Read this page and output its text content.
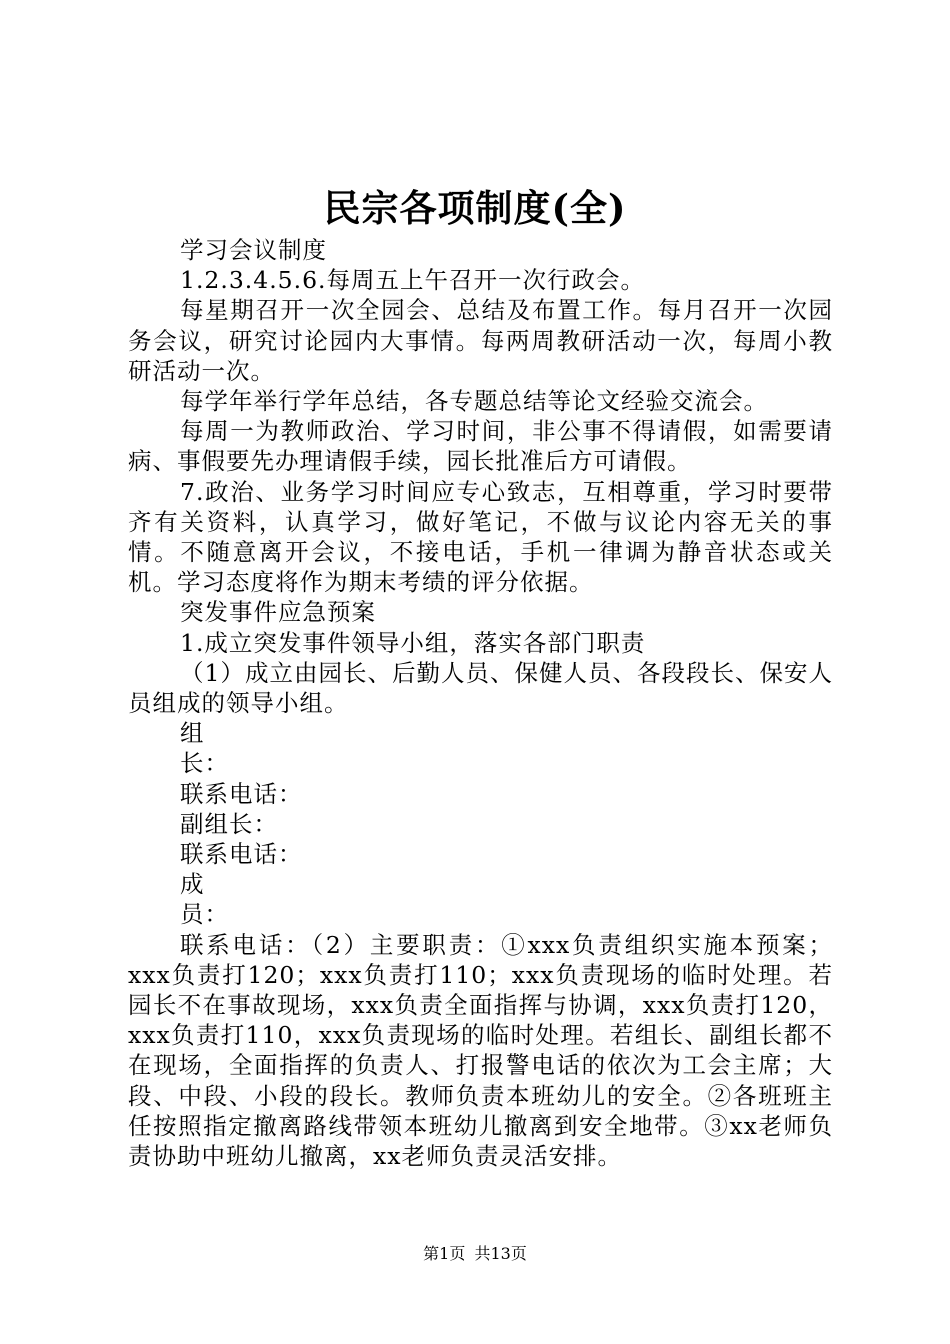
民宗各项制度(全)

学习会议制度

1.2.3.4.5.6.每周五上午召开一次行政会。

每星期召开一次全园会、总结及布置工作。每月召开一次园务会议，研究讨论园内大事情。每两周教研活动一次，每周小教研活动一次。

每学年举行学年总结，各专题总结等论文经验交流会。

每周一为教师政治、学习时间，非公事不得请假，如需要请病、事假要先办理请假手续，园长批准后方可请假。

7.政治、业务学习时间应专心致志，互相尊重，学习时要带齐有关资料，认真学习，做好笔记，不做与议论内容无关的事情。不随意离开会议，不接电话，手机一律调为静音状态或关机。学习态度将作为期末考绩的评分依据。

突发事件应急预案

1.成立突发事件领导小组，落实各部门职责

（1）成立由园长、后勤人员、保健人员、各段段长、保安人员组成的领导小组。

组

长：

联系电话：

副组长：

联系电话：

成

员：

联系电话：（2）主要职责：①xxx负责组织实施本预案；xxx负责打120；xxx负责打110；xxx负责现场的临时处理。若园长不在事故现场，xxx负责全面指挥与协调，xxx负责打120，xxx负责打110，xxx负责现场的临时处理。若组长、副组长都不在现场，全面指挥的负责人、打报警电话的依次为工会主席；大段、中段、小段的段长。教师负责本班幼儿的安全。②各班班主任按照指定撤离路线带领本班幼儿撤离到安全地带。③xx老师负责协助中班幼儿撤离，xx老师负责灵活安排。

第1页 共13页
